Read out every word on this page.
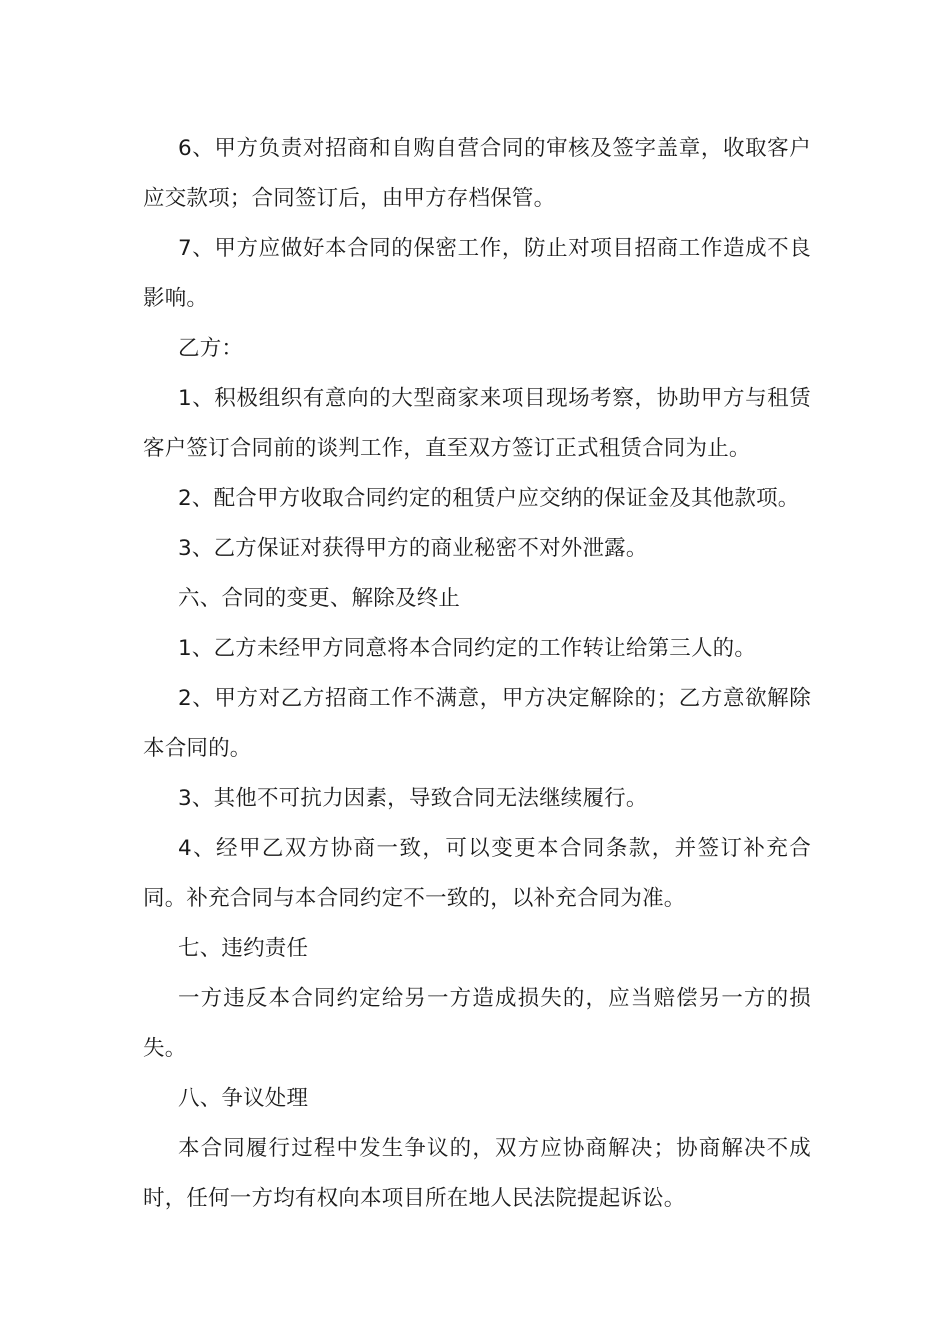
6、甲方负责对招商和自购自营合同的审核及签字盖章，收取客户应交款项；合同签订后，由甲方存档保管。

7、甲方应做好本合同的保密工作，防止对项目招商工作造成不良影响。

乙方：

1、积极组织有意向的大型商家来项目现场考察，协助甲方与租赁客户签订合同前的谈判工作，直至双方签订正式租赁合同为止。

2、配合甲方收取合同约定的租赁户应交纳的保证金及其他款项。

3、乙方保证对获得甲方的商业秘密不对外泄露。

六、合同的变更、解除及终止

1、乙方未经甲方同意将本合同约定的工作转让给第三人的。

2、甲方对乙方招商工作不满意，甲方决定解除的；乙方意欲解除本合同的。

3、其他不可抗力因素，导致合同无法继续履行。

4、经甲乙双方协商一致，可以变更本合同条款，并签订补充合同。补充合同与本合同约定不一致的，以补充合同为准。

七、违约责任

一方违反本合同约定给另一方造成损失的，应当赔偿另一方的损失。

八、争议处理

本合同履行过程中发生争议的，双方应协商解决；协商解决不成时，任何一方均有权向本项目所在地人民法院提起诉讼。
